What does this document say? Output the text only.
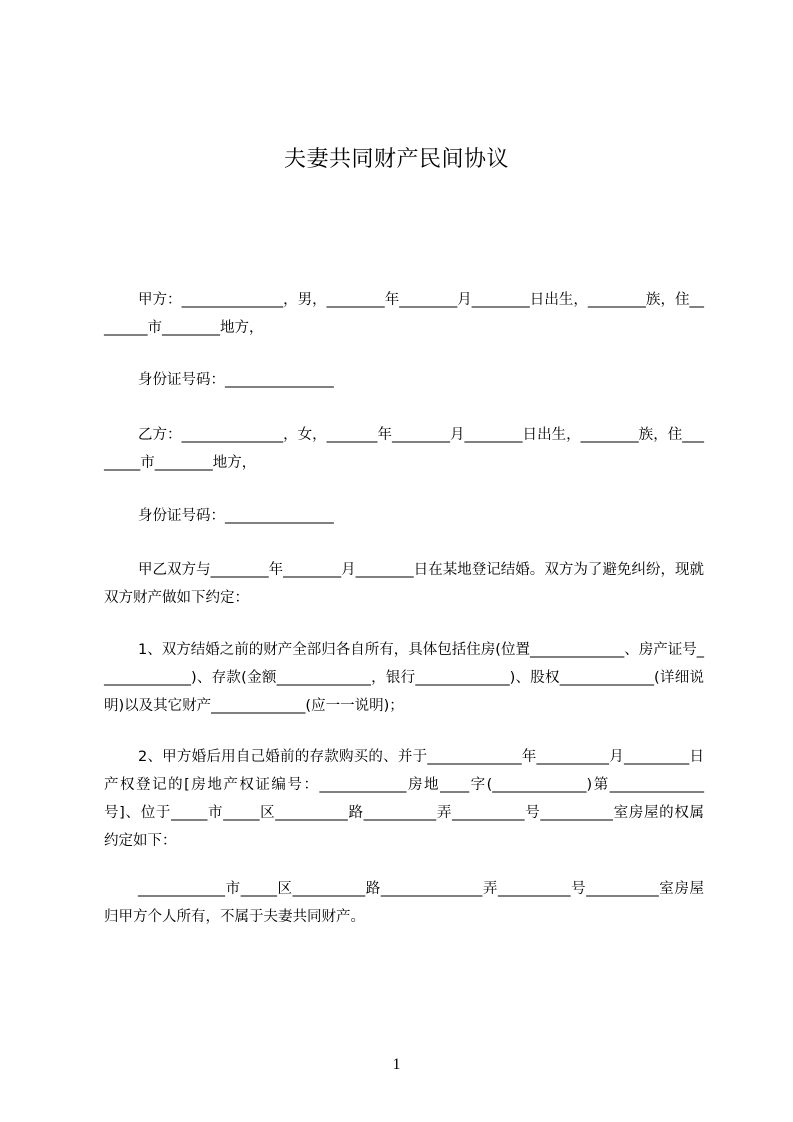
夫妻共同财产民间协议
甲方：______________，男，________年________月________日出生，________族，住________市________地方，
身份证号码：_______________
乙方：______________，女，_______年________月________日出生，________族，住________市________地方，
身份证号码：_______________
甲乙双方与________年________月________日在某地登记结婚。双方为了避免纠纷，现就双方财产做如下约定：
1、双方结婚之前的财产全部归各自所有，具体包括住房(位置_____________、房产证号_____________)、存款(金额_____________，银行_____________)、股权_____________(详细说明)以及其它财产_____________(应一一说明)；
2、甲方婚后用自己婚前的存款购买的、并于_____________年__________月_________日产权登记的[房地产权证编号：____________房地____字(_____________)第_____________号]、位于_____市_____区__________路__________弄__________号__________室房屋的权属约定如下：
____________市_____区__________路______________弄__________号__________室房屋归甲方个人所有，不属于夫妻共同财产。
1
